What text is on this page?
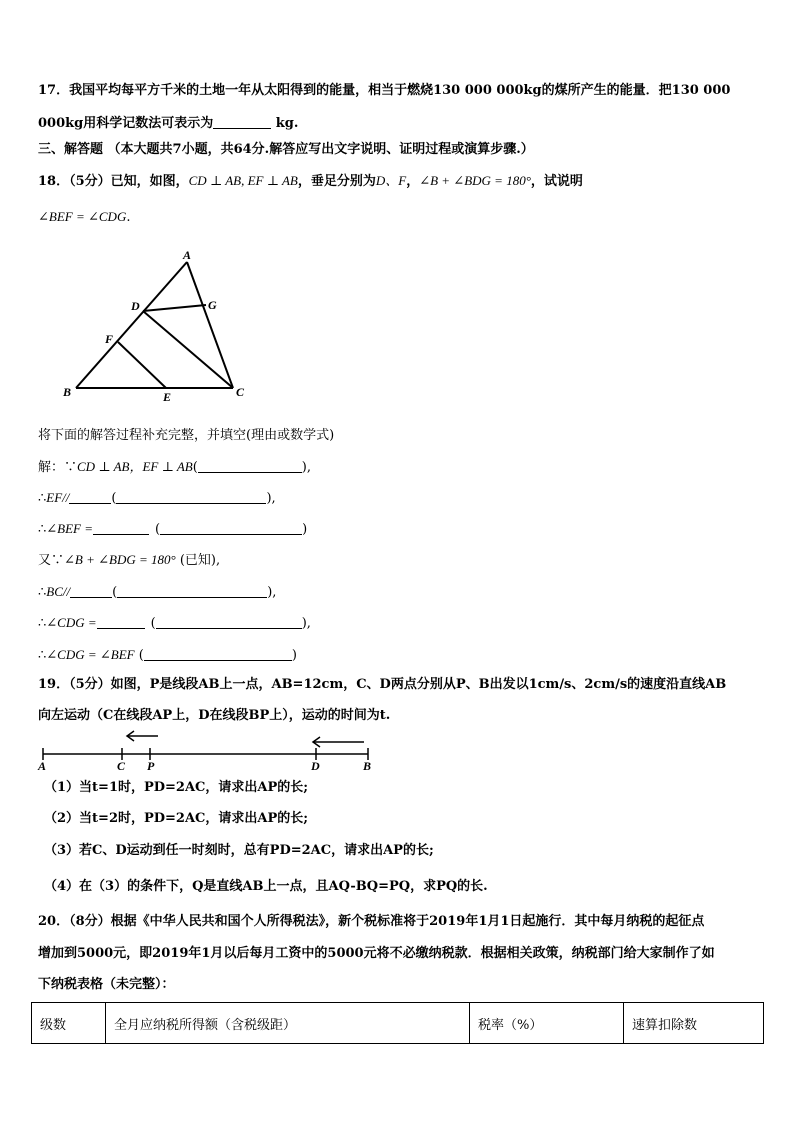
17．我国平均每平方千米的土地一年从太阳得到的能量，相当于燃烧130 000 000kg的煤所产生的能量．把130 000
000kg用科学记数法可表示为	kg.
三、解答题 （本大题共7小题，共64分.解答应写出文字说明、证明过程或演算步骤.）
18．（5分）已知，如图，CD ⊥ AB, EF ⊥ AB，垂足分别为D、F，∠B + ∠BDG = 180°，试说明
∠BEF = ∠CDG.
A
D	G
F
B	E	C
将下面的解答过程补充完整，并填空(理由或数学式)
解：∵CD ⊥ AB，EF ⊥ AB(	),
∴EF//	(	),
∴∠BEF =	(	)
又∵∠B + ∠BDG = 180° (已知),
∴BC//	(	),
∴∠CDG =	(	),
∴∠CDG = ∠BEF (	)
19．（5分）如图，P是线段AB上一点，AB=12cm，C、D两点分别从P、B出发以1cm/s、2cm/s的速度沿直线AB
向左运动（C在线段AP上，D在线段BP上），运动的时间为t.
A	C P	D	B
（1）当t=1时，PD=2AC，请求出AP的长;
（2）当t=2时，PD=2AC，请求出AP的长;
（3）若C、D运动到任一时刻时，总有PD=2AC，请求出AP的长;
（4）在（3）的条件下，Q是直线AB上一点，且AQ-BQ=PQ，求PQ的长.
20．（8分）根据《中华人民共和国个人所得税法》，新个税标准将于2019年1月1日起施行．其中每月纳税的起征点
增加到5000元，即2019年1月以后每月工资中的5000元将不必缴纳税款．根据相关政策，纳税部门给大家制作了如
下纳税表格（未完整）：
级数	全月应纳税所得额（含税级距）	税率（%）	速算扣除数
